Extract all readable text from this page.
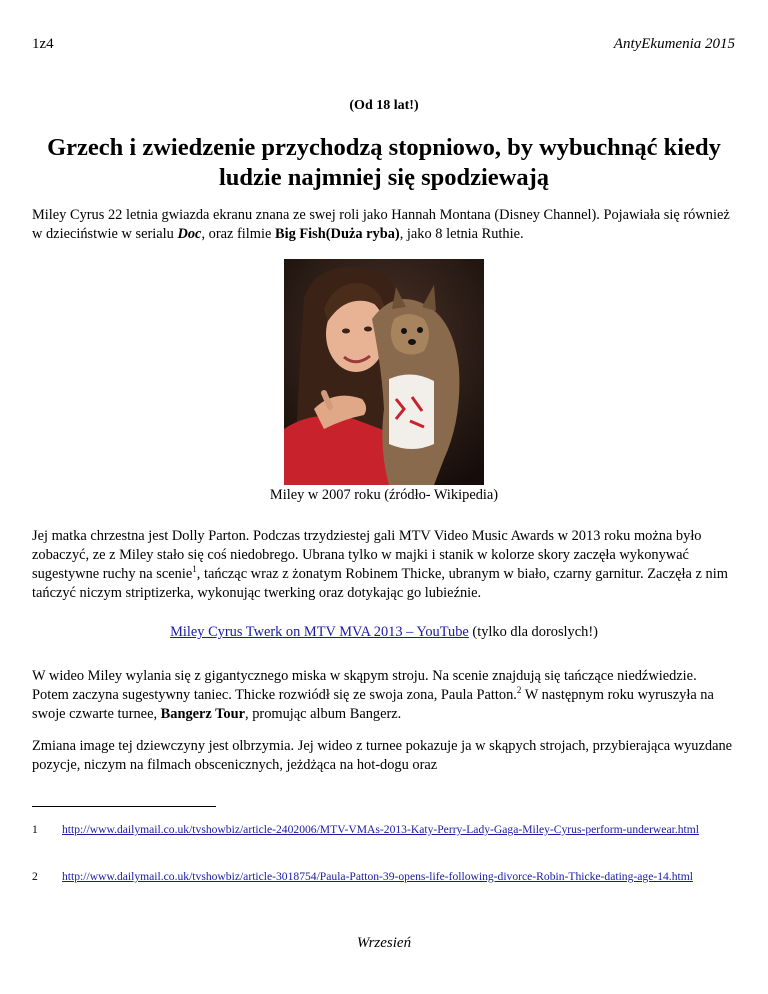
1z4	AntyEkumenia 2015
(Od 18 lat!)
Grzech i zwiedzenie przychodzą stopniowo, by wybuchnąć kiedy ludzie najmniej się spodziewają

Miley Cyrus 22 letnia gwiazda ekranu znana ze swej roli jako Hannah Montana (Disney Channel). Pojawiała się również w dzieciństwie w serialu Doc, oraz filmie Big Fish(Duża ryba), jako 8 letnia Ruthie.

Miley w 2007 roku (źródło- Wikipedia)

Jej matka chrzestna jest Dolly Parton. Podczas trzydziestej gali MTV Video Music Awards w 2013 roku można było zobaczyć, ze z Miley stało się coś niedobrego. Ubrana tylko w majki i stanik w kolorze skory zaczęła wykonywać sugestywne ruchy na scenie$^1$, tańcząc wraz z żonatym Robinem Thicke, ubranym w biało, czarny garnitur. Zaczęła z nim tańczyć niczym striptizerka, wykonując twerking oraz dotykając go lubieźnie.

Miley Cyrus Twerk on MTV MVA 2013 – YouTube (tylko dla doroslych!)

W wideo Miley wylania się z gigantycznego miska w skąpym stroju. Na scenie znajdują się tańczące niedźwiedzie. Potem zaczyna sugestywny taniec. Thicke rozwiódł się ze swoja zona, Paula Patton.$^2$ W następnym roku wyruszyła na swoje czwarte turnee, Bangerz Tour, promując album Bangerz.

Zmiana image tej dziewczyny jest olbrzymia. Jej wideo z turnee pokazuje ja w skąpych strojach, przybierająca wyuzdane pozycje, niczym na filmach obscenicznych, jeżdżąca na hot-dogu oraz

1 http://www.dailymail.co.uk/tvshowbiz/article-2402006/MTV-VMAs-2013-Katy-Perry-Lady-Gaga-Miley-Cyrus-perform-underwear.html
2 http://www.dailymail.co.uk/tvshowbiz/article-3018754/Paula-Patton-39-opens-life-following-divorce-Robin-Thicke-dating-age-14.html
Wrzesień
